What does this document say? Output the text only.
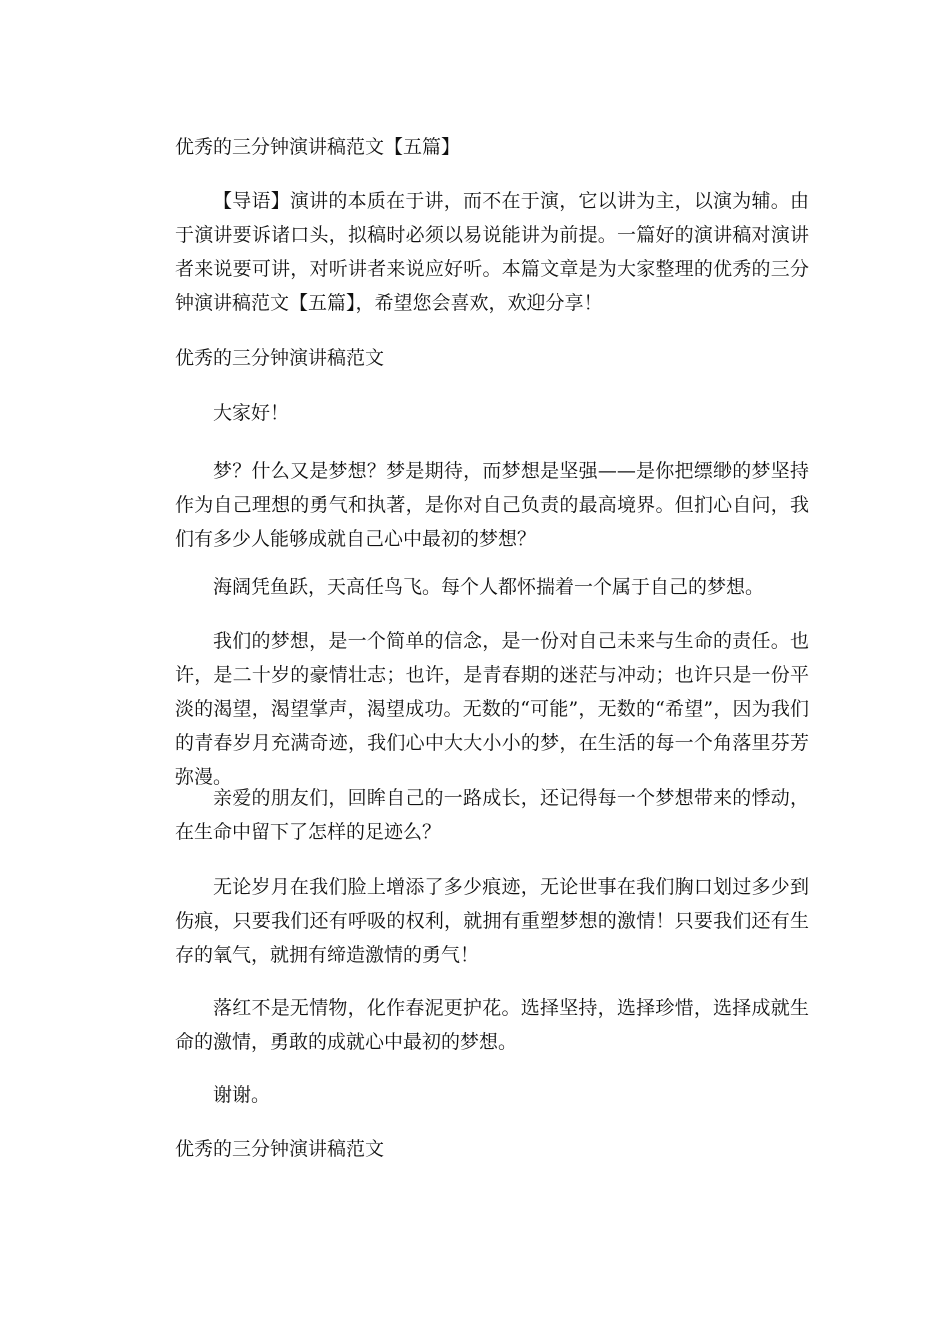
优秀的三分钟演讲稿范文【五篇】

【导语】演讲的本质在于讲，而不在于演，它以讲为主，以演为辅。由于演讲要诉诸口头，拟稿时必须以易说能讲为前提。一篇好的演讲稿对演讲者来说要可讲，对听讲者来说应好听。本篇文章是为大家整理的优秀的三分钟演讲稿范文【五篇】，希望您会喜欢，欢迎分享！

优秀的三分钟演讲稿范文

大家好！

梦？什么又是梦想？梦是期待，而梦想是坚强——是你把缥缈的梦坚持作为自己理想的勇气和执著，是你对自己负责的最高境界。但扪心自问，我们有多少人能够成就自己心中最初的梦想？

海阔凭鱼跃，天高任鸟飞。每个人都怀揣着一个属于自己的梦想。

我们的梦想，是一个简单的信念，是一份对自己未来与生命的责任。也许，是二十岁的豪情壮志；也许，是青春期的迷茫与冲动；也许只是一份平淡的渴望，渴望掌声，渴望成功。无数的“可能”，无数的“希望”，因为我们的青春岁月充满奇迹，我们心中大大小小的梦，在生活的每一个角落里芬芳弥漫。

亲爱的朋友们，回眸自己的一路成长，还记得每一个梦想带来的悸动，在生命中留下了怎样的足迹么？

无论岁月在我们脸上增添了多少痕迹，无论世事在我们胸口划过多少到伤痕，只要我们还有呼吸的权利，就拥有重塑梦想的激情！只要我们还有生存的氧气，就拥有缔造激情的勇气！

落红不是无情物，化作春泥更护花。选择坚持，选择珍惜，选择成就生命的激情，勇敢的成就心中最初的梦想。

谢谢。

优秀的三分钟演讲稿范文
